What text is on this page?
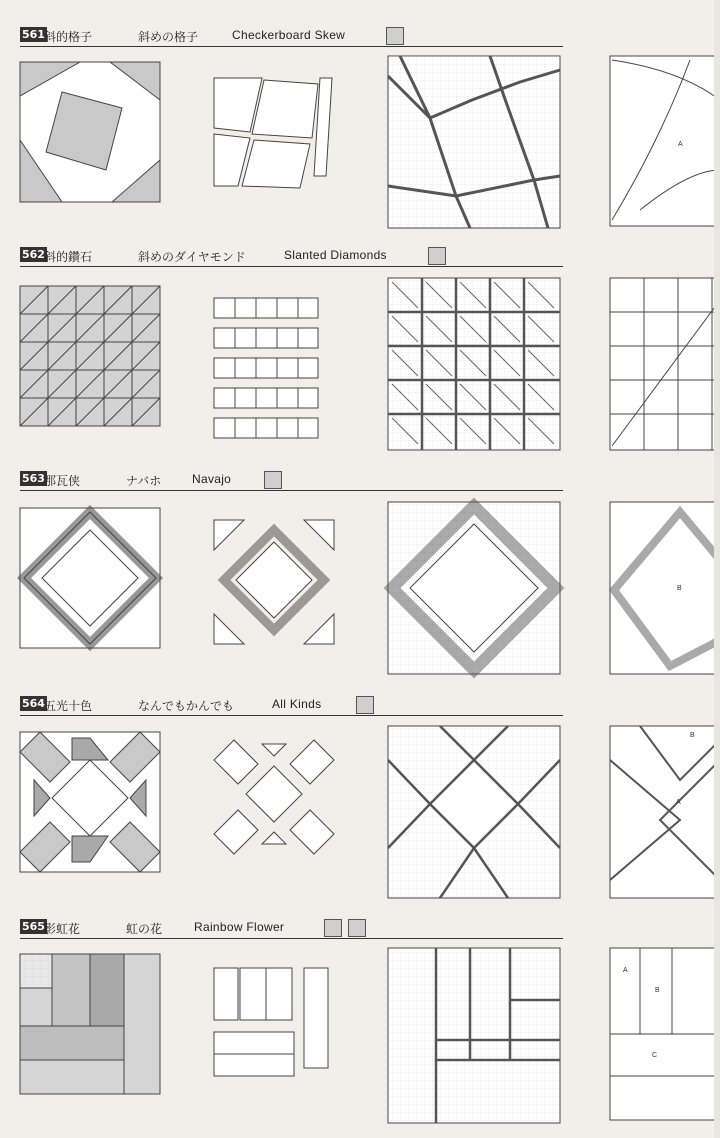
561 斜的格子	斜めの格子	Checkerboard Skew
562 斜的鑽石	斜めのダイヤモンド	Slanted Diamonds
563 那瓦侠	ナバホ	Navajo
564 五光十色	なんでもかんでも	All Kinds
565 影虹花	虹の花	Rainbow Flower
A
B
B
A
A
B
C
